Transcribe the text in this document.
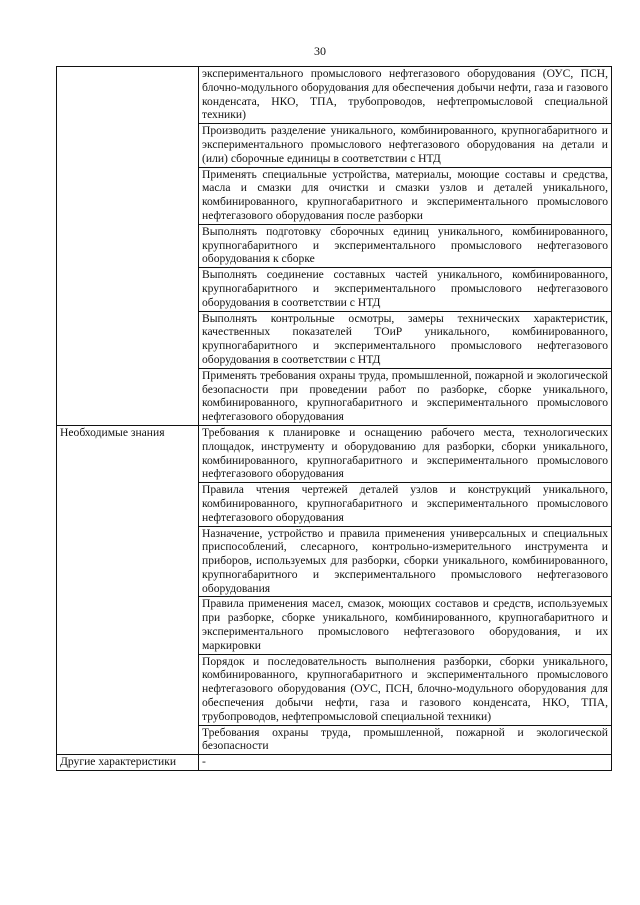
30
	экспериментального промыслового нефтегазового оборудования (ОУС, ПСН, блочно-модульного оборудования для обеспечения добычи нефти, газа и газового конденсата, НКО, ТПА, трубопроводов, нефтепромысловой специальной техники)
	Производить разделение уникального, комбинированного, крупногабаритного и экспериментального промыслового нефтегазового оборудования на детали и (или) сборочные единицы в соответствии с НТД
	Применять специальные устройства, материалы, моющие составы и средства, масла и смазки для очистки и смазки узлов и деталей уникального, комбинированного, крупногабаритного и экспериментального промыслового нефтегазового оборудования после разборки
	Выполнять подготовку сборочных единиц уникального, комбинированного, крупногабаритного и экспериментального промыслового нефтегазового оборудования к сборке
	Выполнять соединение составных частей уникального, комбинированного, крупногабаритного и экспериментального промыслового нефтегазового оборудования в соответствии с НТД
	Выполнять контрольные осмотры, замеры технических характеристик, качественных показателей ТОиР уникального, комбинированного, крупногабаритного и экспериментального промыслового нефтегазового оборудования в соответствии с НТД
	Применять требования охраны труда, промышленной, пожарной и экологической безопасности при проведении работ по разборке, сборке уникального, комбинированного, крупногабаритного и экспериментального промыслового нефтегазового оборудования
Необходимые знания	Требования к планировке и оснащению рабочего места, технологических площадок, инструменту и оборудованию для разборки, сборки уникального, комбинированного, крупногабаритного и экспериментального промыслового нефтегазового оборудования
	Правила чтения чертежей деталей узлов и конструкций уникального, комбинированного, крупногабаритного и экспериментального промыслового нефтегазового оборудования
	Назначение, устройство и правила применения универсальных и специальных приспособлений, слесарного, контрольно-измерительного инструмента и приборов, используемых для разборки, сборки уникального, комбинированного, крупногабаритного и экспериментального промыслового нефтегазового оборудования
	Правила применения масел, смазок, моющих составов и средств, используемых при разборке, сборке уникального, комбинированного, крупногабаритного и экспериментального промыслового нефтегазового оборудования, и их маркировки
	Порядок и последовательность выполнения разборки, сборки уникального, комбинированного, крупногабаритного и экспериментального промыслового нефтегазового оборудования (ОУС, ПСН, блочно-модульного оборудования для обеспечения добычи нефти, газа и газового конденсата, НКО, ТПА, трубопроводов, нефтепромысловой специальной техники)
	Требования охраны труда, промышленной, пожарной и экологической безопасности
Другие характеристики	-
